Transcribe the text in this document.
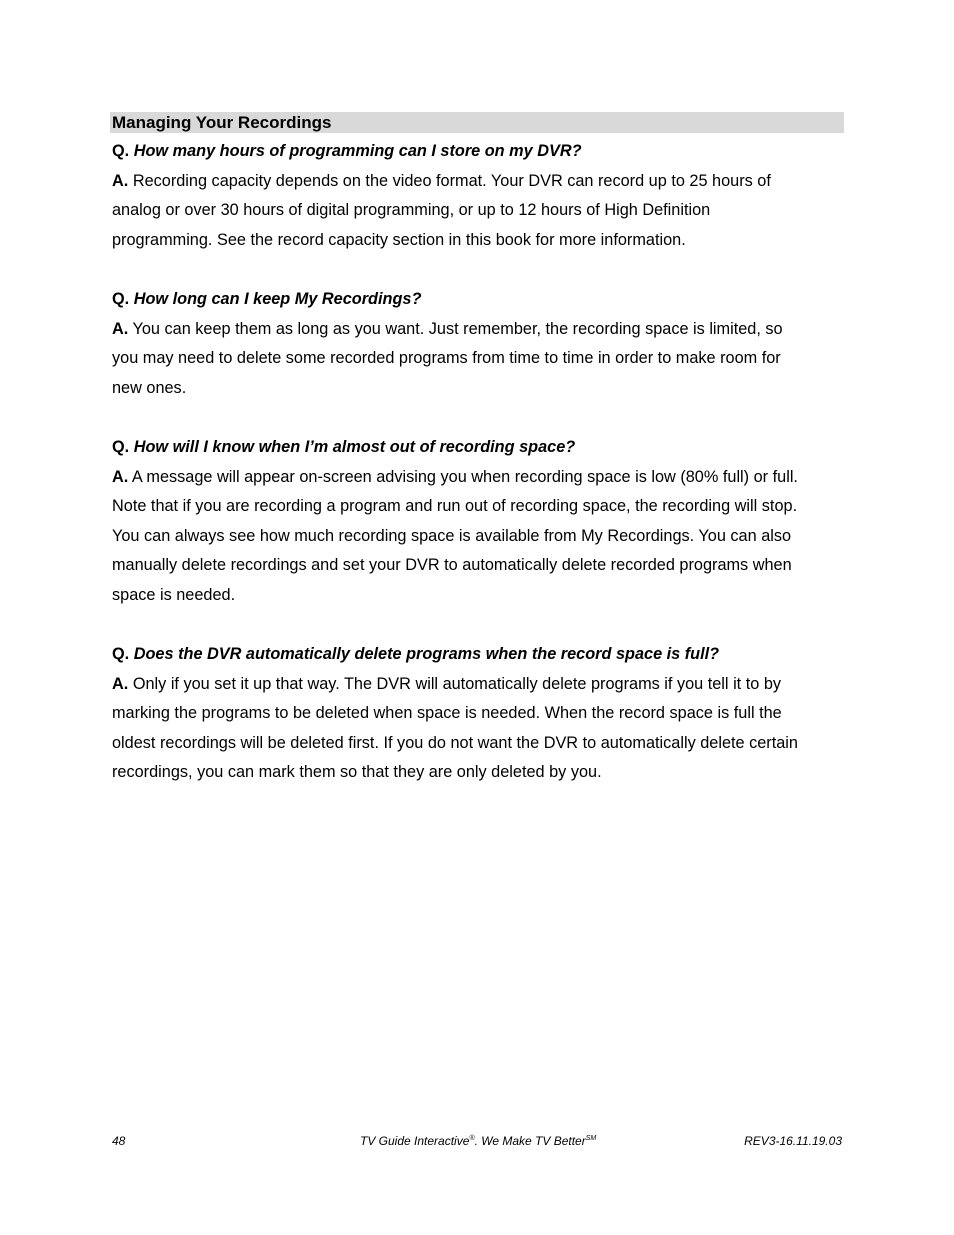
Managing Your Recordings
Q. How many hours of programming can I store on my DVR?
A. Recording capacity depends on the video format. Your DVR can record up to 25 hours of
analog or over 30 hours of digital programming, or up to 12 hours of High Definition
programming. See the record capacity section in this book for more information.
Q. How long can I keep My Recordings?
A. You can keep them as long as you want. Just remember, the recording space is limited, so
you may need to delete some recorded programs from time to time in order to make room for
new ones.
Q. How will I know when I’m almost out of recording space?
A. A message will appear on-screen advising you when recording space is low (80% full) or full.
Note that if you are recording a program and run out of recording space, the recording will stop.
You can always see how much recording space is available from My Recordings. You can also
manually delete recordings and set your DVR to automatically delete recorded programs when
space is needed.
Q. Does the DVR automatically delete programs when the record space is full?
A. Only if you set it up that way. The DVR will automatically delete programs if you tell it to by
marking the programs to be deleted when space is needed. When the record space is full the
oldest recordings will be deleted first. If you do not want the DVR to automatically delete certain
recordings, you can mark them so that they are only deleted by you.
48	TV Guide Interactive®. We Make TV Better℠	REV3-16.11.19.03
